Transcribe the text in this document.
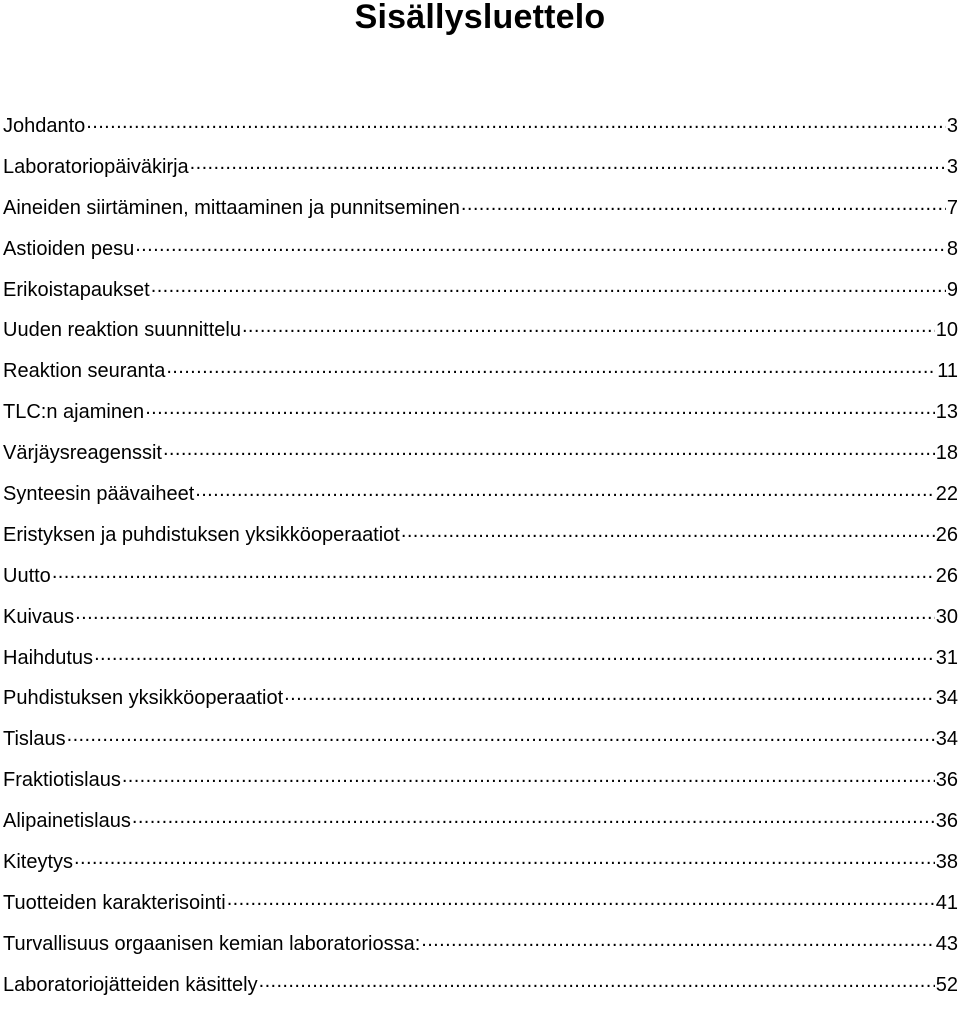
Sisällysluettelo
Johdanto .....	3
Laboratoriopäiväkirja .....	3
Aineiden siirtäminen, mittaaminen ja punnitseminen .....	7
Astioiden pesu .....	8
Erikoistapaukset .....	9
Uuden reaktion suunnittelu .....	10
Reaktion seuranta .....	11
TLC:n ajaminen .....	13
Värjäysreagenssit .....	18
Synteesin päävaiheet .....	22
Eristyksen ja puhdistuksen yksikköoperaatiot .....	26
Uutto .....	26
Kuivaus .....	30
Haihdutus .....	31
Puhdistuksen yksikköoperaatiot .....	34
Tislaus .....	34
Fraktiotislaus .....	36
Alipainetislaus .....	36
Kiteytys .....	38
Tuotteiden karakterisointi .....	41
Turvallisuus orgaanisen kemian laboratoriossa: .....	43
Laboratoriojätteiden käsittely .....	52
